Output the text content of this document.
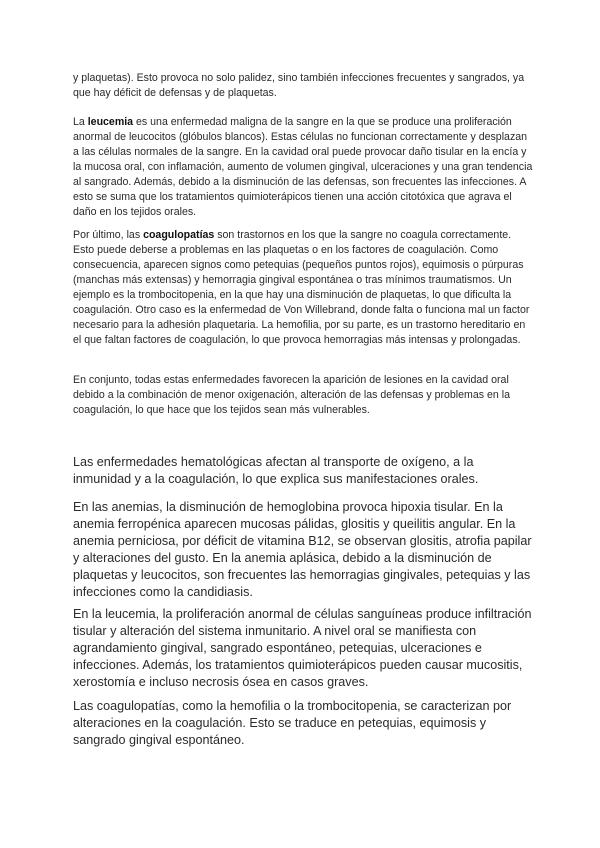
y plaquetas). Esto provoca no solo palidez, sino también infecciones frecuentes y sangrados, ya que hay déficit de defensas y de plaquetas.

La leucemia es una enfermedad maligna de la sangre en la que se produce una proliferación anormal de leucocitos (glóbulos blancos). Estas células no funcionan correctamente y desplazan a las células normales de la sangre. En la cavidad oral puede provocar daño tisular en la encía y la mucosa oral, con inflamación, aumento de volumen gingival, ulceraciones y una gran tendencia al sangrado. Además, debido a la disminución de las defensas, son frecuentes las infecciones. A esto se suma que los tratamientos quimioterápicos tienen una acción citotóxica que agrava el daño en los tejidos orales.

Por último, las coagulopatías son trastornos en los que la sangre no coagula correctamente. Esto puede deberse a problemas en las plaquetas o en los factores de coagulación. Como consecuencia, aparecen signos como petequias (pequeños puntos rojos), equimosis o púrpuras (manchas más extensas) y hemorragia gingival espontánea o tras mínimos traumatismos. Un ejemplo es la trombocitopenia, en la que hay una disminución de plaquetas, lo que dificulta la coagulación. Otro caso es la enfermedad de Von Willebrand, donde falta o funciona mal un factor necesario para la adhesión plaquetaria. La hemofilia, por su parte, es un trastorno hereditario en el que faltan factores de coagulación, lo que provoca hemorragias más intensas y prolongadas.

En conjunto, todas estas enfermedades favorecen la aparición de lesiones en la cavidad oral debido a la combinación de menor oxigenación, alteración de las defensas y problemas en la coagulación, lo que hace que los tejidos sean más vulnerables.

Las enfermedades hematológicas afectan al transporte de oxígeno, a la inmunidad y a la coagulación, lo que explica sus manifestaciones orales.

En las anemias, la disminución de hemoglobina provoca hipoxia tisular. En la anemia ferropénica aparecen mucosas pálidas, glositis y queilitis angular. En la anemia perniciosa, por déficit de vitamina B12, se observan glositis, atrofia papilar y alteraciones del gusto. En la anemia aplásica, debido a la disminución de plaquetas y leucocitos, son frecuentes las hemorragias gingivales, petequias y las infecciones como la candidiasis.

En la leucemia, la proliferación anormal de células sanguíneas produce infiltración tisular y alteración del sistema inmunitario. A nivel oral se manifiesta con agrandamiento gingival, sangrado espontáneo, petequias, ulceraciones e infecciones. Además, los tratamientos quimioterápicos pueden causar mucositis, xerostomía e incluso necrosis ósea en casos graves.

Las coagulopatías, como la hemofilia o la trombocitopenia, se caracterizan por alteraciones en la coagulación. Esto se traduce en petequias, equimosis y sangrado gingival espontáneo.
